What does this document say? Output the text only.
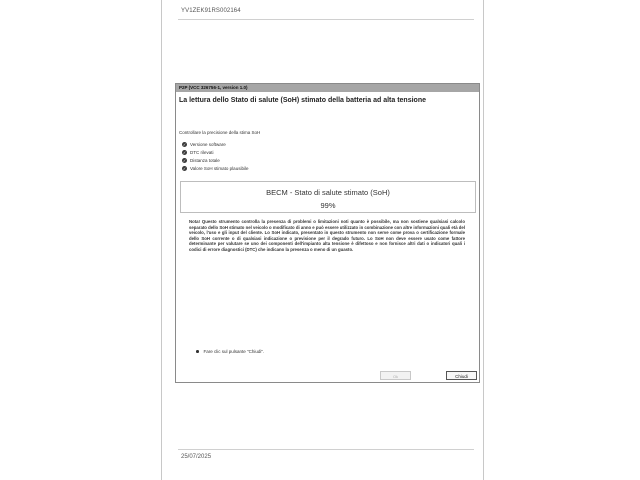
YV1ZEK91RS002164
P2P (VCC 326756-1, version 1.0)
La lettura dello Stato di salute (SoH) stimato della batteria ad alta tensione
Controllare la precisione della stima SoH
✓ Versione software
✓ DTC rilevati
✓ Distanza totale
✓ Valore SoH stimato plausibile
BECM - Stato di salute stimato (SoH)
99%
Nota! Questo strumento controlla la presenza di problemi o limitazioni noti quanto è possibile, ma non sostiene qualsiasi calcolo separato dello SoH stimato nel veicolo o modificato di anno e può essere utilizzato in combinazione con altre informazioni quali età del veicolo, l'uso e gli input del cliente. Lo SoH indicato, presentato in questo strumento non serve come prova o certificazione formale dello SoH corrente o di qualsiasi indicazione o previsione per il degrado futuro. Lo SoH non deve essere usato come fattore determinante per valutare se uno dei componenti dell'impianto alta tensione è difettoso e non fornisce altri dati o indicatori quali i codici di errore diagnostici (DTC) che indicano la presenza o meno di un guasto.
Fare clic sul pulsante "Chiudi".
Ok	Chiudi
25/07/2025
